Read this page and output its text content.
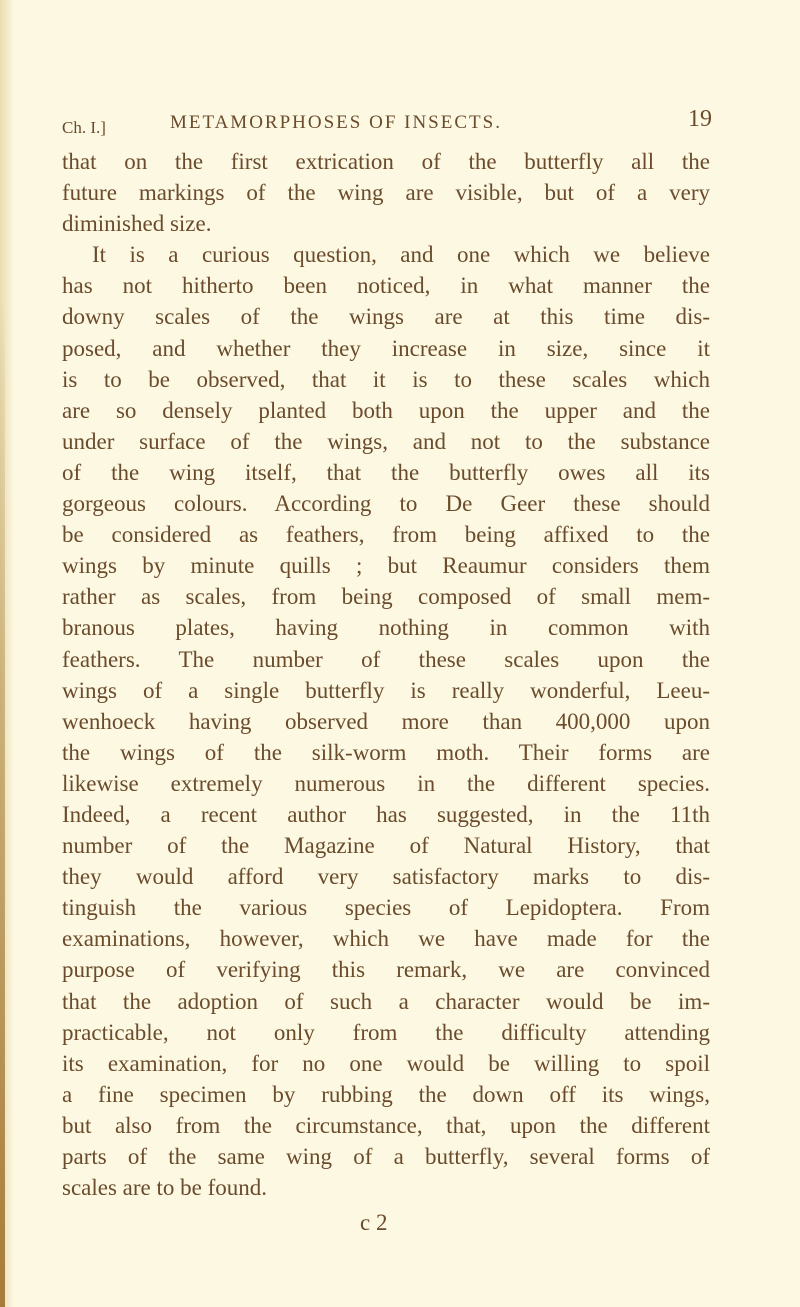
Ch. I.]	METAMORPHOSES OF INSECTS.	19
that on the first extrication of the butterfly all the
future markings of the wing are visible, but of a very
diminished size.
It is a curious question, and one which we believe
has not hitherto been noticed, in what manner the
downy scales of the wings are at this time dis-
posed, and whether they increase in size, since it
is to be observed, that it is to these scales which
are so densely planted both upon the upper and the
under surface of the wings, and not to the substance
of the wing itself, that the butterfly owes all its
gorgeous colours. According to De Geer these should
be considered as feathers, from being affixed to the
wings by minute quills ; but Reaumur considers them
rather as scales, from being composed of small mem-
branous plates, having nothing in common with
feathers. The number of these scales upon the
wings of a single butterfly is really wonderful, Leeu-
wenhoeck having observed more than 400,000 upon
the wings of the silk-worm moth. Their forms are
likewise extremely numerous in the different species.
Indeed, a recent author has suggested, in the 11th
number of the Magazine of Natural History, that
they would afford very satisfactory marks to dis-
tinguish the various species of Lepidoptera. From
examinations, however, which we have made for the
purpose of verifying this remark, we are convinced
that the adoption of such a character would be im-
practicable, not only from the difficulty attending
its examination, for no one would be willing to spoil
a fine specimen by rubbing the down off its wings,
but also from the circumstance, that, upon the different
parts of the same wing of a butterfly, several forms of
scales are to be found.
c 2
